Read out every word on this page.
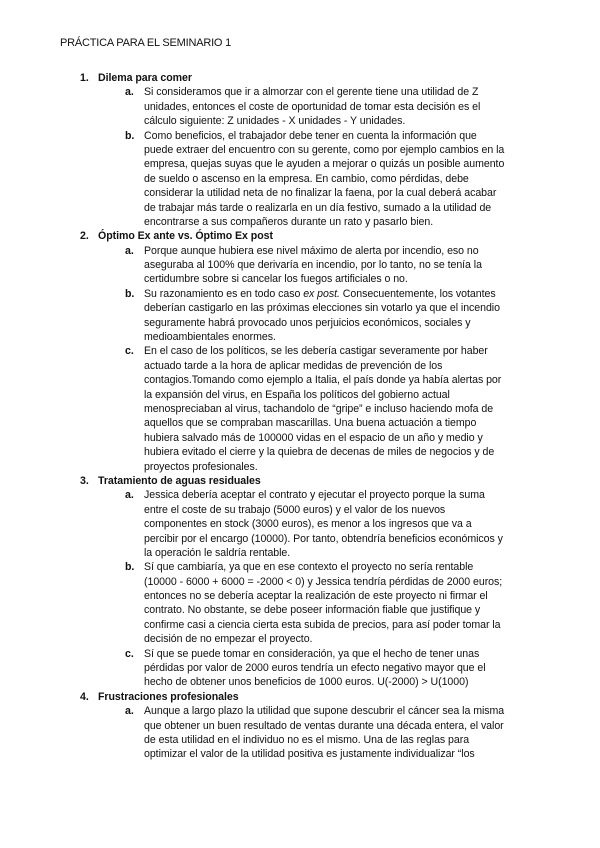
PRÁCTICA PARA EL SEMINARIO 1
1. Dilema para comer
a. Si consideramos que ir a almorzar con el gerente tiene una utilidad de Z
unidades, entonces el coste de oportunidad de tomar esta decisión es el
cálculo siguiente: Z unidades - X unidades - Y unidades.
b. Como beneficios, el trabajador debe tener en cuenta la información que
puede extraer del encuentro con su gerente, como por ejemplo cambios en la
empresa, quejas suyas que le ayuden a mejorar o quizás un posible aumento
de sueldo o ascenso en la empresa. En cambio, como pérdidas, debe
considerar la utilidad neta de no finalizar la faena, por la cual deberá acabar
de trabajar más tarde o realizarla en un día festivo, sumado a la utilidad de
encontrarse a sus compañeros durante un rato y pasarlo bien.
2. Óptimo Ex ante vs. Óptimo Ex post
a. Porque aunque hubiera ese nivel máximo de alerta por incendio, eso no
aseguraba al 100% que derivaría en incendio, por lo tanto, no se tenía la
certidumbre sobre si cancelar los fuegos artificiales o no.
b. Su razonamiento es en todo caso ex post. Consecuentemente, los votantes
deberían castigarlo en las próximas elecciones sin votarlo ya que el incendio
seguramente habrá provocado unos perjuicios económicos, sociales y
medioambientales enormes.
c. En el caso de los políticos, se les debería castigar severamente por haber
actuado tarde a la hora de aplicar medidas de prevención de los
contagios.Tomando como ejemplo a Italia, el país donde ya había alertas por
la expansión del virus, en España los políticos del gobierno actual
menospreciaban al virus, tachandolo de “gripe” e incluso haciendo mofa de
aquellos que se compraban mascarillas. Una buena actuación a tiempo
hubiera salvado más de 100000 vidas en el espacio de un año y medio y
hubiera evitado el cierre y la quiebra de decenas de miles de negocios y de
proyectos profesionales.
3. Tratamiento de aguas residuales
a. Jessica debería aceptar el contrato y ejecutar el proyecto porque la suma
entre el coste de su trabajo (5000 euros) y el valor de los nuevos
componentes en stock (3000 euros), es menor a los ingresos que va a
percibir por el encargo (10000). Por tanto, obtendría beneficios económicos y
la operación le saldría rentable.
b. Sí que cambiaría, ya que en ese contexto el proyecto no sería rentable
(10000 - 6000 + 6000 = -2000 < 0) y Jessica tendría pérdidas de 2000 euros;
entonces no se debería aceptar la realización de este proyecto ni firmar el
contrato. No obstante, se debe poseer información fiable que justifique y
confirme casi a ciencia cierta esta subida de precios, para así poder tomar la
decisión de no empezar el proyecto.
c. Sí que se puede tomar en consideración, ya que el hecho de tener unas
pérdidas por valor de 2000 euros tendría un efecto negativo mayor que el
hecho de obtener unos beneficios de 1000 euros. U(-2000) > U(1000)
4. Frustraciones profesionales
a. Aunque a largo plazo la utilidad que supone descubrir el cáncer sea la misma
que obtener un buen resultado de ventas durante una década entera, el valor
de esta utilidad en el individuo no es el mismo. Una de las reglas para
optimizar el valor de la utilidad positiva es justamente individualizar “los
